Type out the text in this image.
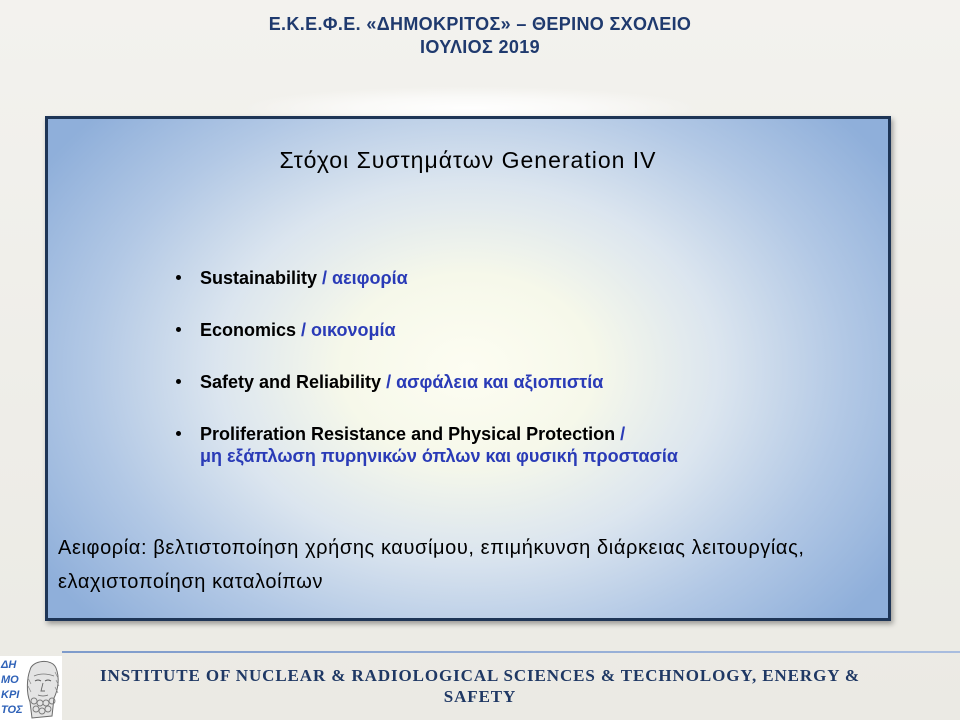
Ε.Κ.Ε.Φ.Ε. «ΔΗΜΟΚΡΙΤΟΣ» – ΘΕΡΙΝΟ ΣΧΟΛΕΙΟ
ΙΟΥΛΙΟΣ 2019
Στόχοι Συστημάτων Generation IV
Sustainability / αειφορία
Economics / οικονομία
Safety and Reliability / ασφάλεια και αξιοπιστία
Proliferation Resistance and Physical Protection /
μη εξάπλωση πυρηνικών όπλων και φυσική προστασία
Αειφορία: βελτιστοποίηση χρήσης καυσίμου, επιμήκυνση διάρκειας λειτουργίας, ελαχιστοποίηση καταλοίπων
ΔΗ
ΜΟ
ΚΡΙ
ΤΟΣ
INSTITUTE OF NUCLEAR & RADIOLOGICAL SCIENCES & TECHNOLOGY, ENERGY & SAFETY
